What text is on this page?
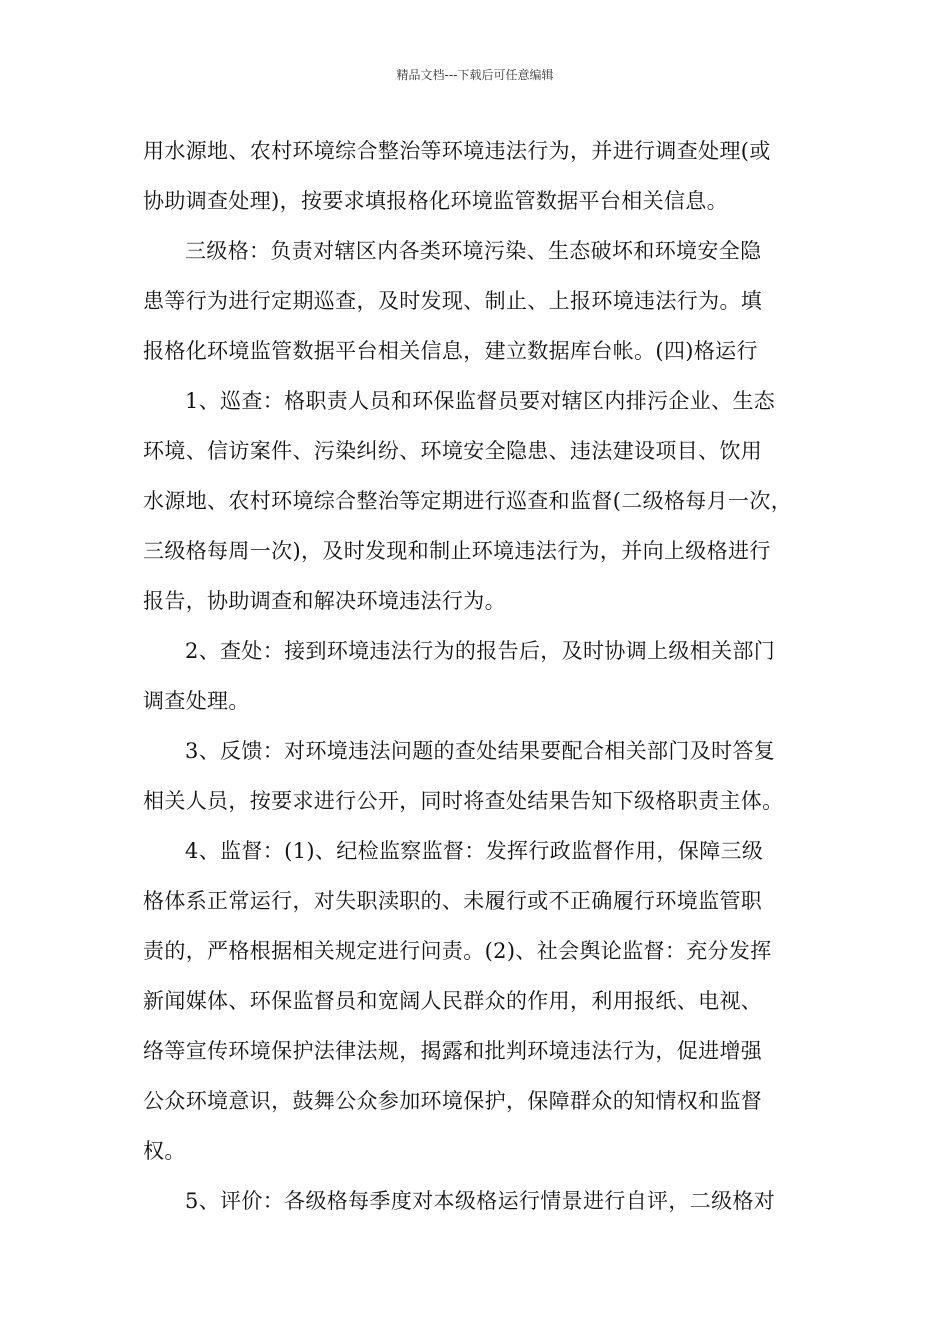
精品文档---下载后可任意编辑
用水源地、农村环境综合整治等环境违法行为，并进行调查处理(或
协助调查处理)，按要求填报格化环境监管数据平台相关信息。
三级格：负责对辖区内各类环境污染、生态破坏和环境安全隐
患等行为进行定期巡查，及时发现、制止、上报环境违法行为。填
报格化环境监管数据平台相关信息，建立数据库台帐。(四)格运行
1、巡查：格职责人员和环保监督员要对辖区内排污企业、生态
环境、信访案件、污染纠纷、环境安全隐患、违法建设项目、饮用
水源地、农村环境综合整治等定期进行巡查和监督(二级格每月一次，
三级格每周一次)，及时发现和制止环境违法行为，并向上级格进行
报告，协助调查和解决环境违法行为。
2、查处：接到环境违法行为的报告后，及时协调上级相关部门
调查处理。
3、反馈：对环境违法问题的查处结果要配合相关部门及时答复
相关人员，按要求进行公开，同时将查处结果告知下级格职责主体。
4、监督：(1)、纪检监察监督：发挥行政监督作用，保障三级
格体系正常运行，对失职渎职的、未履行或不正确履行环境监管职
责的，严格根据相关规定进行问责。(2)、社会舆论监督：充分发挥
新闻媒体、环保监督员和宽阔人民群众的作用，利用报纸、电视、
络等宣传环境保护法律法规，揭露和批判环境违法行为，促进增强
公众环境意识，鼓舞公众参加环境保护，保障群众的知情权和监督
权。
5、评价：各级格每季度对本级格运行情景进行自评，二级格对
